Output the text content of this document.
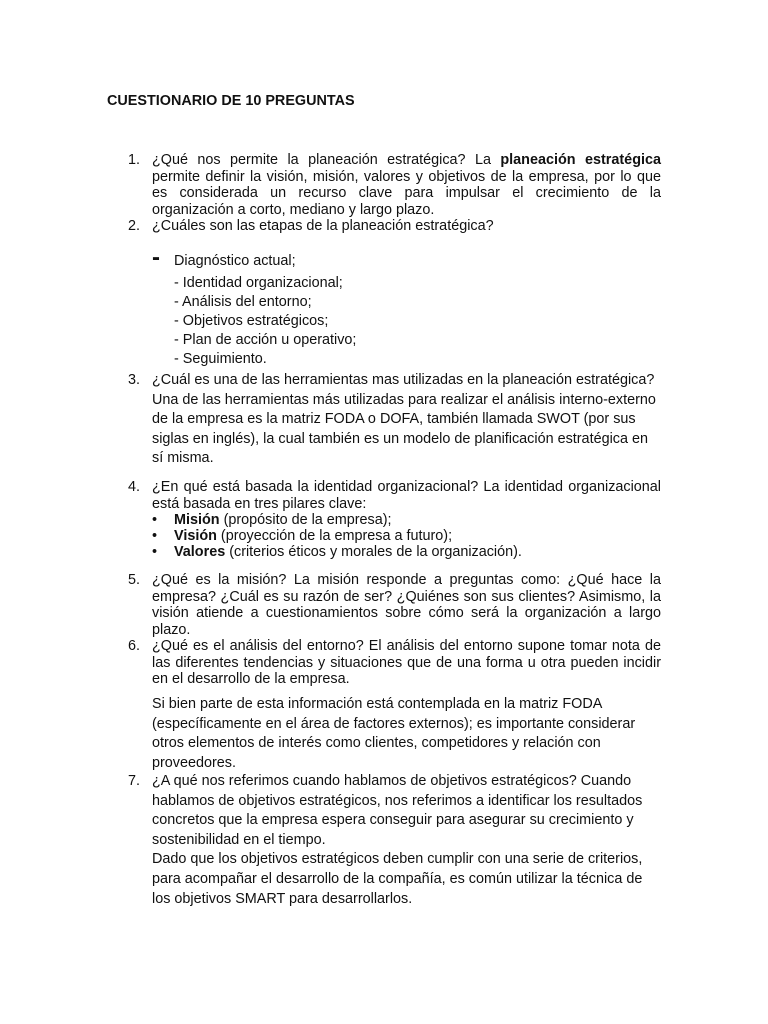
CUESTIONARIO DE 10 PREGUNTAS
1. ¿Qué nos permite la planeación estratégica? La planeación estratégica permite definir la visión, misión, valores y objetivos de la empresa, por lo que es considerada un recurso clave para impulsar el crecimiento de la organización a corto, mediano y largo plazo.
2. ¿Cuáles son las etapas de la planeación estratégica?
- Diagnóstico actual;
- Identidad organizacional;
- Análisis del entorno;
- Objetivos estratégicos;
- Plan de acción u operativo;
- Seguimiento.
3. ¿Cuál es una de las herramientas mas utilizadas en la planeación estratégica? Una de las herramientas más utilizadas para realizar el análisis interno-externo de la empresa es la matriz FODA o DOFA, también llamada SWOT (por sus siglas en inglés), la cual también es un modelo de planificación estratégica en sí misma.
4. ¿En qué está basada la identidad organizacional? La identidad organizacional está basada en tres pilares clave:
• Misión (propósito de la empresa);
• Visión (proyección de la empresa a futuro);
• Valores (criterios éticos y morales de la organización).
5. ¿Qué es la misión? La misión responde a preguntas como: ¿Qué hace la empresa? ¿Cuál es su razón de ser? ¿Quiénes son sus clientes? Asimismo, la visión atiende a cuestionamientos sobre cómo será la organización a largo plazo.
6. ¿Qué es el análisis del entorno? El análisis del entorno supone tomar nota de las diferentes tendencias y situaciones que de una forma u otra pueden incidir en el desarrollo de la empresa.

Si bien parte de esta información está contemplada en la matriz FODA (específicamente en el área de factores externos); es importante considerar otros elementos de interés como clientes, competidores y relación con proveedores.
7. ¿A qué nos referimos cuando hablamos de objetivos estratégicos? Cuando hablamos de objetivos estratégicos, nos referimos a identificar los resultados concretos que la empresa espera conseguir para asegurar su crecimiento y sostenibilidad en el tiempo.

Dado que los objetivos estratégicos deben cumplir con una serie de criterios, para acompañar el desarrollo de la compañía, es común utilizar la técnica de los objetivos SMART para desarrollarlos.
